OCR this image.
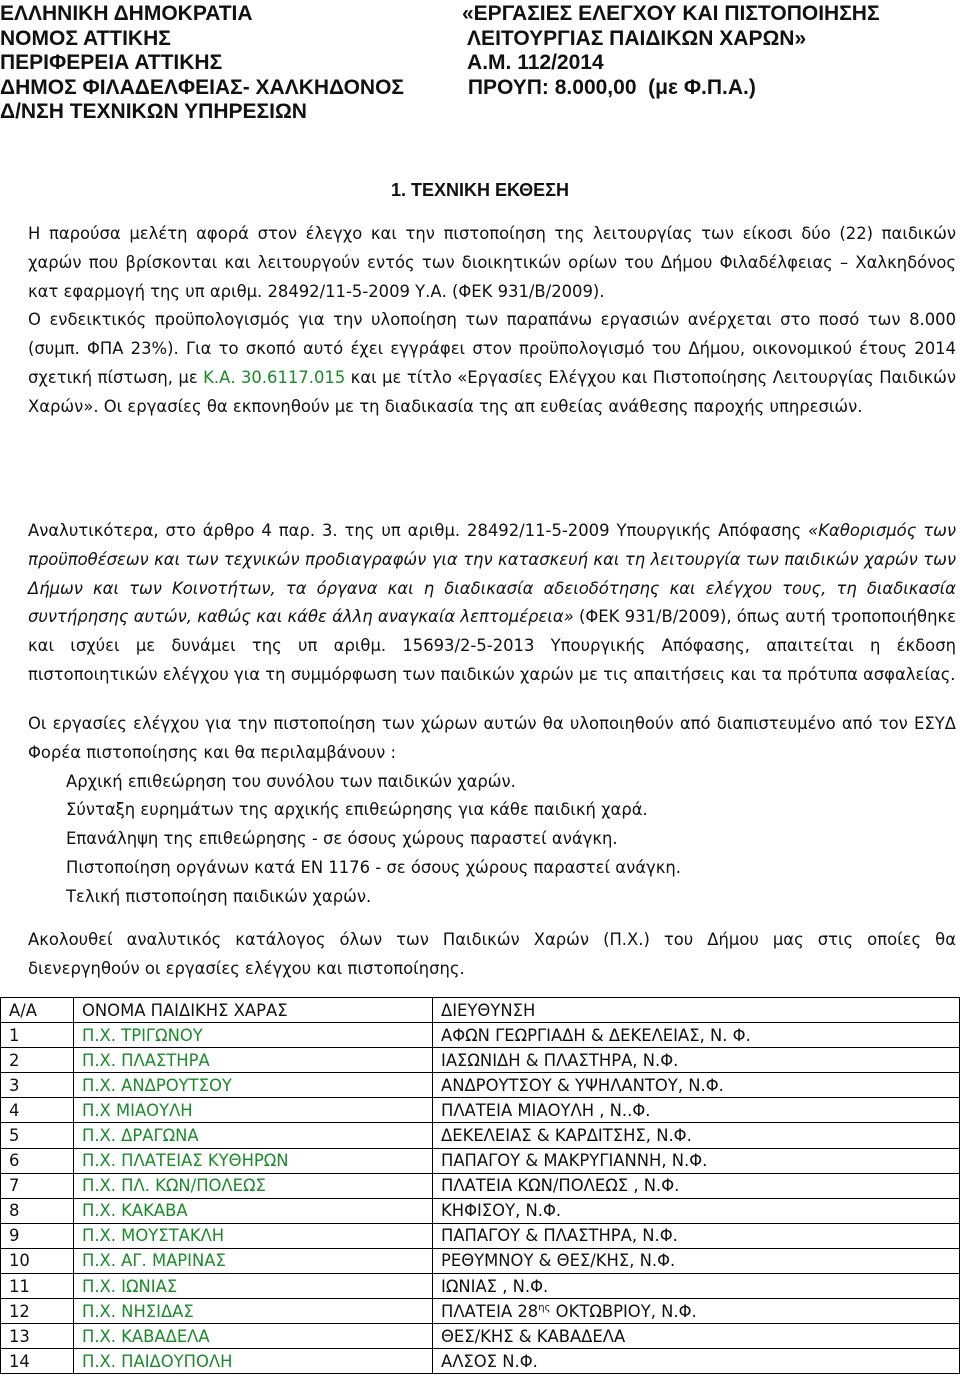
ΕΛΛΗΝΙΚΗ ΔΗΜΟΚΡΑΤΙΑ
ΝΟΜΟΣ ΑΤΤΙΚΗΣ
ΠΕΡΙΦΕΡΕΙΑ ΑΤΤΙΚΗΣ
ΔΗΜΟΣ ΦΙΛΑΔΕΛΦΕΙΑΣ- ΧΑΛΚΗΔΟΝΟΣ
Δ/ΝΣΗ ΤΕΧΝΙΚΩΝ ΥΠΗΡΕΣΙΩΝ
«ΕΡΓΑΣΙΕΣ ΕΛΕΓΧΟΥ ΚΑΙ ΠΙΣΤΟΠΟΙΗΣΗΣ
ΛΕΙΤΟΥΡΓΙΑΣ ΠΑΙΔΙΚΩΝ ΧΑΡΩΝ»
Α.Μ. 112/2014
ΠΡΟΥΠ: 8.000,00  (με Φ.Π.Α.)
1. ΤΕΧΝΙΚΗ ΕΚΘΕΣΗ

Η παρούσα μελέτη αφορά στον έλεγχο και την πιστοποίηση της λειτουργίας των είκοσι δύο (22) παιδικών χαρών που βρίσκονται και λειτουργούν εντός των διοικητικών ορίων του Δήμου Φιλαδέλφειας – Χαλκηδόνος κατ εφαρμογή της υπ αριθμ. 28492/11-5-2009 Υ.Α. (ΦΕΚ 931/Β/2009).

Ο ενδεικτικός προϋπολογισμός για την υλοποίηση των παραπάνω εργασιών ανέρχεται στο ποσό των 8.000 (συμπ. ΦΠΑ 23%). Για το σκοπό αυτό έχει εγγράφει στον προϋπολογισμό του Δήμου, οικονομικού έτους 2014 σχετική πίστωση, με Κ.Α. 30.6117.015 και με τίτλο «Εργασίες Ελέγχου και Πιστοποίησης Λειτουργίας Παιδικών Χαρών». Οι εργασίες θα εκπονηθούν με τη διαδικασία της απ ευθείας ανάθεσης παροχής υπηρεσιών.

Αναλυτικότερα, στο άρθρο 4 παρ. 3. της υπ αριθμ. 28492/11-5-2009 Υπουργικής Απόφασης «Καθορισμός των προϋποθέσεων και των τεχνικών προδιαγραφών για την κατασκευή και τη λειτουργία των παιδικών χαρών των Δήμων και των Κοινοτήτων, τα όργανα και η διαδικασία αδειοδότησης και ελέγχου τους, τη διαδικασία συντήρησης αυτών, καθώς και κάθε άλλη αναγκαία λεπτομέρεια» (ΦΕΚ 931/Β/2009), όπως αυτή τροποποιήθηκε και ισχύει με δυνάμει της υπ αριθμ. 15693/2-5-2013 Υπουργικής Απόφασης, απαιτείται η έκδοση πιστοποιητικών ελέγχου για τη συμμόρφωση των παιδικών χαρών με τις απαιτήσεις και τα πρότυπα ασφαλείας.

Οι εργασίες ελέγχου για την πιστοποίηση των χώρων αυτών θα υλοποιηθούν από διαπιστευμένο από τον ΕΣΥΔ Φορέα πιστοποίησης και θα περιλαμβάνουν :

Αρχική επιθεώρηση του συνόλου των παιδικών χαρών.
Σύνταξη ευρημάτων της αρχικής επιθεώρησης για κάθε παιδική χαρά.
Επανάληψη της επιθεώρησης - σε όσους χώρους παραστεί ανάγκη.
Πιστοποίηση οργάνων κατά ΕΝ 1176 - σε όσους χώρους παραστεί ανάγκη.
Τελική πιστοποίηση παιδικών χαρών.

Ακολουθεί αναλυτικός κατάλογος όλων των Παιδικών Χαρών (Π.Χ.) του Δήμου μας στις οποίες θα διενεργηθούν οι εργασίες ελέγχου και πιστοποίησης.

Α/Α	ΟΝΟΜΑ ΠΑΙΔΙΚΗΣ ΧΑΡΑΣ	ΔΙΕΥΘΥΝΣΗ
1	Π.Χ. ΤΡΙΓΩΝΟΥ	ΑΦΩΝ ΓΕΩΡΓΙΑΔΗ & ΔΕΚΕΛΕΙΑΣ, Ν. Φ.
2	Π.Χ. ΠΛΑΣΤΗΡΑ	ΙΑΣΩΝΙΔΗ & ΠΛΑΣΤΗΡΑ, Ν.Φ.
3	Π.Χ. ΑΝΔΡΟΥΤΣΟΥ	ΑΝΔΡΟΥΤΣΟΥ & ΥΨΗΛΑΝΤΟΥ, Ν.Φ.
4	Π.Χ ΜΙΑΟΥΛΗ	ΠΛΑΤΕΙΑ ΜΙΑΟΥΛΗ , Ν..Φ.
5	Π.Χ. ΔΡΑΓΩΝΑ	ΔΕΚΕΛΕΙΑΣ & ΚΑΡΔΙΤΣΗΣ, Ν.Φ.
6	Π.Χ. ΠΛΑΤΕΙΑΣ ΚΥΘΗΡΩΝ	ΠΑΠΑΓΟΥ & ΜΑΚΡΥΓΙΑΝΝΗ, Ν.Φ.
7	Π.Χ. ΠΛ. ΚΩΝ/ΠΟΛΕΩΣ	ΠΛΑΤΕΙΑ ΚΩΝ/ΠΟΛΕΩΣ , Ν.Φ.
8	Π.Χ. ΚΑΚΑΒΑ	ΚΗΦΙΣΟΥ, Ν.Φ.
9	Π.Χ. ΜΟΥΣΤΑΚΛΗ	ΠΑΠΑΓΟΥ & ΠΛΑΣΤΗΡΑ, Ν.Φ.
10	Π.Χ. ΑΓ. ΜΑΡΙΝΑΣ	ΡΕΘΥΜΝΟΥ & ΘΕΣ/ΚΗΣ, Ν.Φ.
11	Π.Χ. ΙΩΝΙΑΣ	ΙΩΝΙΑΣ , Ν.Φ.
12	Π.Χ. ΝΗΣΙΔΑΣ	ΠΛΑΤΕΙΑ $28^{\eta\varsigma}$ ΟΚΤΩΒΡΙΟΥ, Ν.Φ.
13	Π.Χ. ΚΑΒΑΔΕΛΑ	ΘΕΣ/ΚΗΣ & ΚΑΒΑΔΕΛΑ
14	Π.Χ. ΠΑΙΔΟΥΠΟΛΗ	ΑΛΣΟΣ Ν.Φ.
